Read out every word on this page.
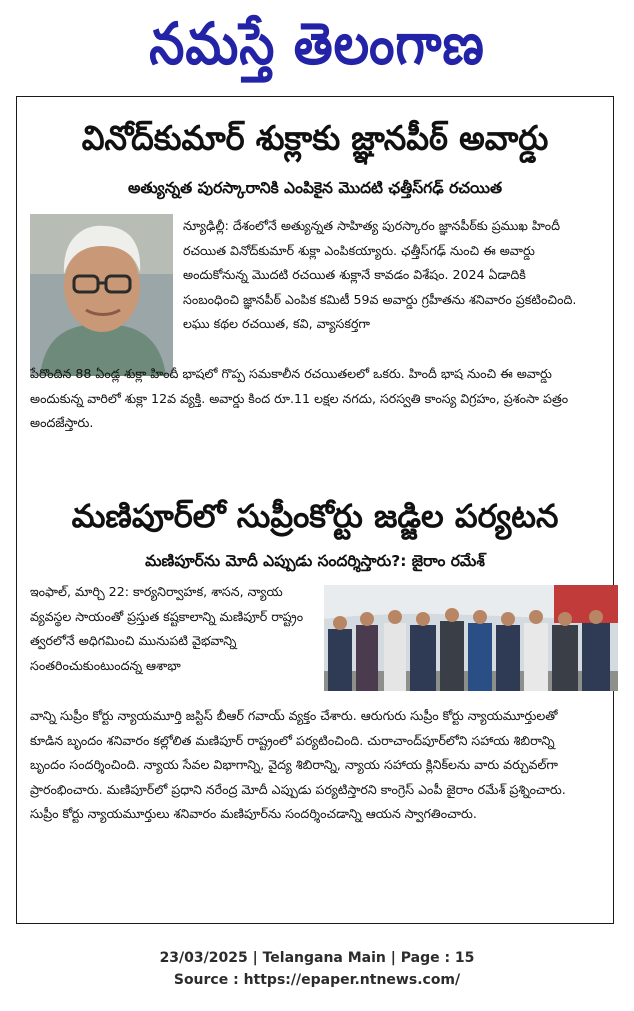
నమస్తే తెలంగాణ
వినోద్‌కుమార్ శుక్లాకు జ్ఞానపీఠ్ అవార్డు
అత్యున్నత పురస్కారానికి ఎంపికైన మొదటి ఛత్తీస్‌గఢ్ రచయిత
న్యూఢిల్లీ: దేశంలోనే అత్యున్నత సాహిత్య పురస్కారం జ్ఞానపీఠ్‌కు ప్రముఖ హిందీ రచయిత వినోద్‌కుమార్ శుక్లా ఎంపికయ్యారు. ఛత్తీస్‌గఢ్ నుంచి ఈ అవార్డు అందుకోనున్న మొదటి రచయిత శుక్లానే కావడం విశేషం. 2024 ఏడాదికి సంబంధించి జ్ఞానపీఠ్ ఎంపిక కమిటీ 59వ అవార్డు గ్రహీతను శనివారం ప్రకటించింది. లఘు కథల రచయిత, కవి, వ్యాసకర్తగా
పేరొందిన 88 ఏండ్ల శుక్లా హిందీ భాషలో గొప్ప సమకాలీన రచయితలలో ఒకరు. హిందీ భాష నుంచి ఈ అవార్డు అందుకున్న వారిలో శుక్లా 12వ వ్యక్తి. అవార్డు కింద రూ.11 లక్షల నగదు, సరస్వతి కాంస్య విగ్రహం, ప్రశంసా పత్రం అందజేస్తారు.
మణిపూర్‌లో సుప్రీంకోర్టు జడ్జిల పర్యటన
మణిపూర్‌ను మోదీ ఎప్పుడు సందర్శిస్తారు?: జైరాం రమేశ్
ఇంఫాల్, మార్చి 22: కార్యనిర్వాహక, శాసన, న్యాయ వ్యవస్థల సాయంతో ప్రస్తుత కష్టకాలాన్ని మణిపూర్ రాష్ట్రం త్వరలోనే అధిగమించి మునుపటి వైభవాన్ని సంతరించుకుంటుందన్న ఆశాభా
వాన్ని సుప్రీం కోర్టు న్యాయమూర్తి జస్టిస్ బీఆర్ గవాయ్ వ్యక్తం చేశారు. ఆరుగురు సుప్రీం కోర్టు న్యాయమూర్తులతో కూడిన బృందం శనివారం కల్లోలిత మణిపూర్ రాష్ట్రంలో పర్యటించింది. చురాచాంద్‌పూర్‌లోని సహాయ శిబిరాన్ని బృందం సందర్శించింది. న్యాయ సేవల విభాగాన్ని, వైద్య శిబిరాన్ని, న్యాయ సహాయ క్లినిక్‌లను వారు వర్చువల్‌గా ప్రారంభించారు. మణిపూర్‌లో ప్రధాని నరేంద్ర మోదీ ఎప్పుడు పర్యటిస్తారని కాంగ్రెస్ ఎంపీ జైరాం రమేశ్ ప్రశ్నించారు. సుప్రీం కోర్టు న్యాయమూర్తులు శనివారం మణిపూర్‌ను సందర్శించడాన్ని ఆయన స్వాగతించారు.
23/03/2025 | Telangana Main | Page : 15
Source : https://epaper.ntnews.com/
